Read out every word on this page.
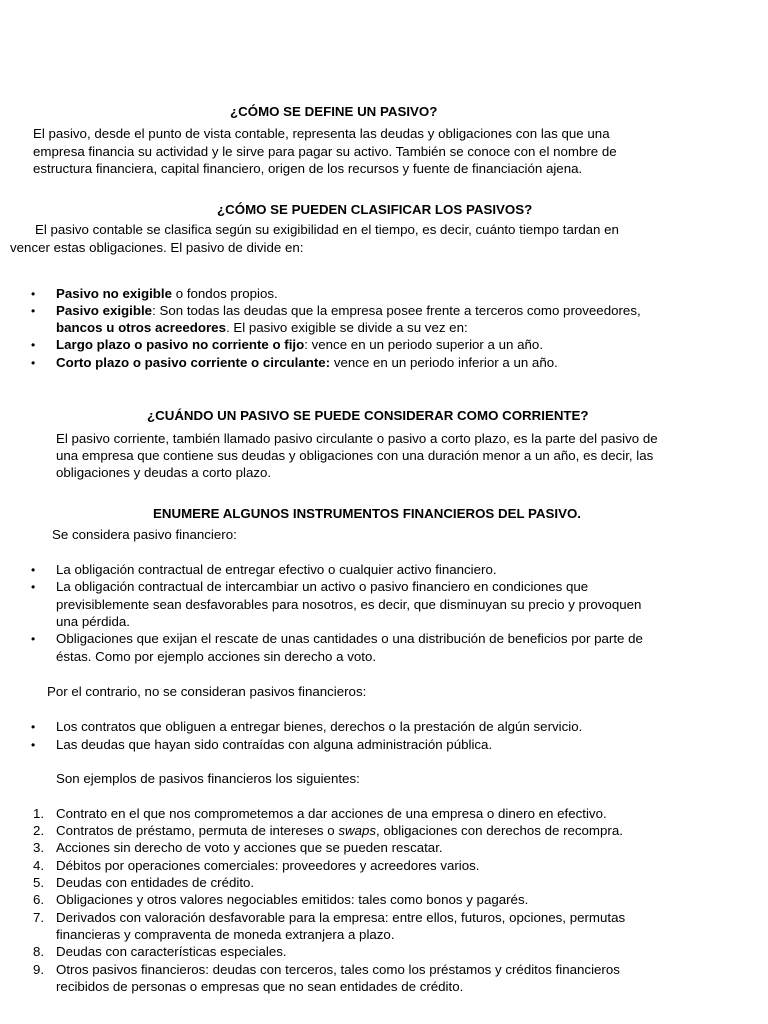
¿CÓMO SE DEFINE UN PASIVO?
El pasivo, desde el punto de vista contable, representa las deudas y obligaciones con las que una
empresa financia su actividad y le sirve para pagar su activo. También se conoce con el nombre de
estructura financiera, capital financiero, origen de los recursos y fuente de financiación ajena.
¿CÓMO SE PUEDEN CLASIFICAR LOS PASIVOS?
El pasivo contable se clasifica según su exigibilidad en el tiempo, es decir, cuánto tiempo tardan en
vencer estas obligaciones. El pasivo de divide en:
• Pasivo no exigible o fondos propios.
• Pasivo exigible: Son todas las deudas que la empresa posee frente a terceros como proveedores,
bancos u otros acreedores. El pasivo exigible se divide a su vez en:
• Largo plazo o pasivo no corriente o fijo: vence en un periodo superior a un año.
• Corto plazo o pasivo corriente o circulante: vence en un periodo inferior a un año.
¿CUÁNDO UN PASIVO SE PUEDE CONSIDERAR COMO CORRIENTE?
El pasivo corriente, también llamado pasivo circulante o pasivo a corto plazo, es la parte del pasivo de
una empresa que contiene sus deudas y obligaciones con una duración menor a un año, es decir, las
obligaciones y deudas a corto plazo.
ENUMERE ALGUNOS INSTRUMENTOS FINANCIEROS DEL PASIVO.
Se considera pasivo financiero:
• La obligación contractual de entregar efectivo o cualquier activo financiero.
• La obligación contractual de intercambiar un activo o pasivo financiero en condiciones que
previsiblemente sean desfavorables para nosotros, es decir, que disminuyan su precio y provoquen
una pérdida.
• Obligaciones que exijan el rescate de unas cantidades o una distribución de beneficios por parte de
éstas. Como por ejemplo acciones sin derecho a voto.
Por el contrario, no se consideran pasivos financieros:
• Los contratos que obliguen a entregar bienes, derechos o la prestación de algún servicio.
• Las deudas que hayan sido contraídas con alguna administración pública.
Son ejemplos de pasivos financieros los siguientes:
1. Contrato en el que nos comprometemos a dar acciones de una empresa o dinero en efectivo.
2. Contratos de préstamo, permuta de intereses o swaps, obligaciones con derechos de recompra.
3. Acciones sin derecho de voto y acciones que se pueden rescatar.
4. Débitos por operaciones comerciales: proveedores y acreedores varios.
5. Deudas con entidades de crédito.
6. Obligaciones y otros valores negociables emitidos: tales como bonos y pagarés.
7. Derivados con valoración desfavorable para la empresa: entre ellos, futuros, opciones, permutas
financieras y compraventa de moneda extranjera a plazo.
8. Deudas con características especiales.
9. Otros pasivos financieros: deudas con terceros, tales como los préstamos y créditos financieros
recibidos de personas o empresas que no sean entidades de crédito.
